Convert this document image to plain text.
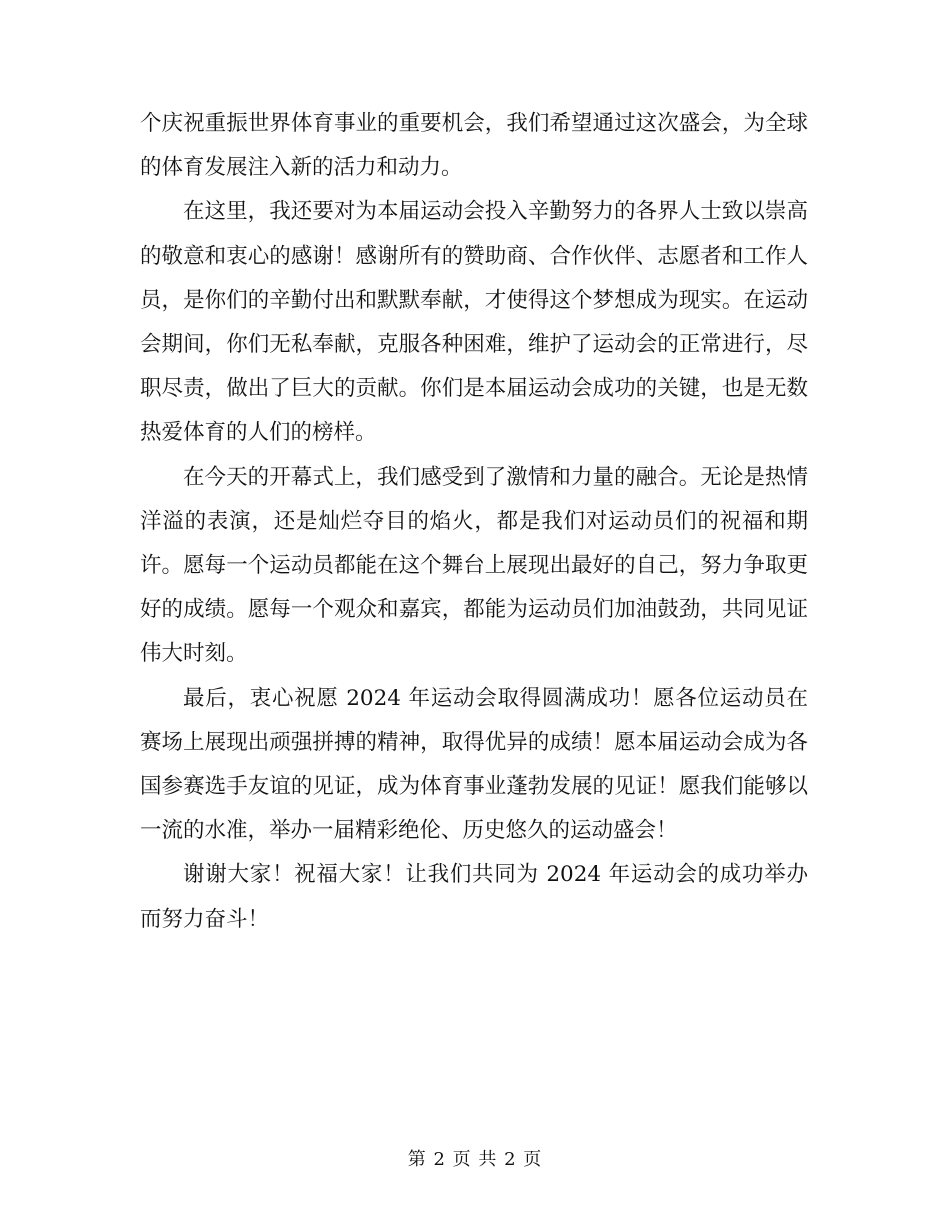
个庆祝重振世界体育事业的重要机会，我们希望通过这次盛会，为全球的体育发展注入新的活力和动力。

在这里，我还要对为本届运动会投入辛勤努力的各界人士致以崇高的敬意和衷心的感谢！感谢所有的赞助商、合作伙伴、志愿者和工作人员，是你们的辛勤付出和默默奉献，才使得这个梦想成为现实。在运动会期间，你们无私奉献，克服各种困难，维护了运动会的正常进行，尽职尽责，做出了巨大的贡献。你们是本届运动会成功的关键，也是无数热爱体育的人们的榜样。

在今天的开幕式上，我们感受到了激情和力量的融合。无论是热情洋溢的表演，还是灿烂夺目的焰火，都是我们对运动员们的祝福和期许。愿每一个运动员都能在这个舞台上展现出最好的自己，努力争取更好的成绩。愿每一个观众和嘉宾，都能为运动员们加油鼓劲，共同见证伟大时刻。

最后，衷心祝愿 2024 年运动会取得圆满成功！愿各位运动员在赛场上展现出顽强拼搏的精神，取得优异的成绩！愿本届运动会成为各国参赛选手友谊的见证，成为体育事业蓬勃发展的见证！愿我们能够以一流的水准，举办一届精彩绝伦、历史悠久的运动盛会！

谢谢大家！祝福大家！让我们共同为 2024 年运动会的成功举办而努力奋斗！

第 2 页 共 2 页
